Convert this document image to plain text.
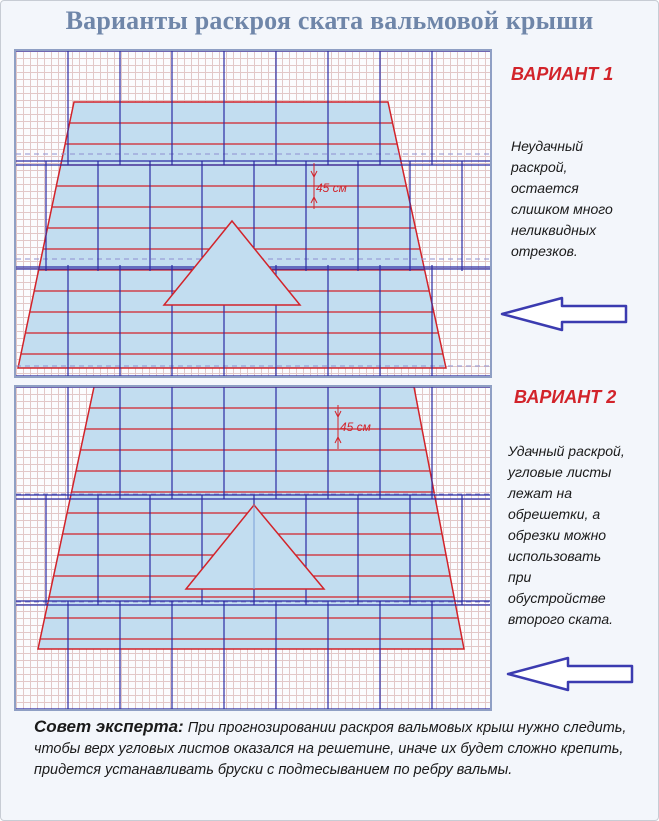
Варианты раскроя ската вальмовой крыши
45 см
45 см
ВАРИАНТ 1
Неудачный
раскрой,
остается
слишком много
неликвидных
отрезков.
ВАРИАНТ 2
Удачный раскрой,
угловые листы
лежат на
обрешетки, а
обрезки можно
использовать
при
обустройстве
второго ската.
Совет эксперта: При прогнозировании раскроя вальмовых крыш нужно следить, чтобы верх угловых листов оказался на решетине, иначе их будет сложно крепить, придется устанавливать бруски с подтесыванием по ребру вальмы.
